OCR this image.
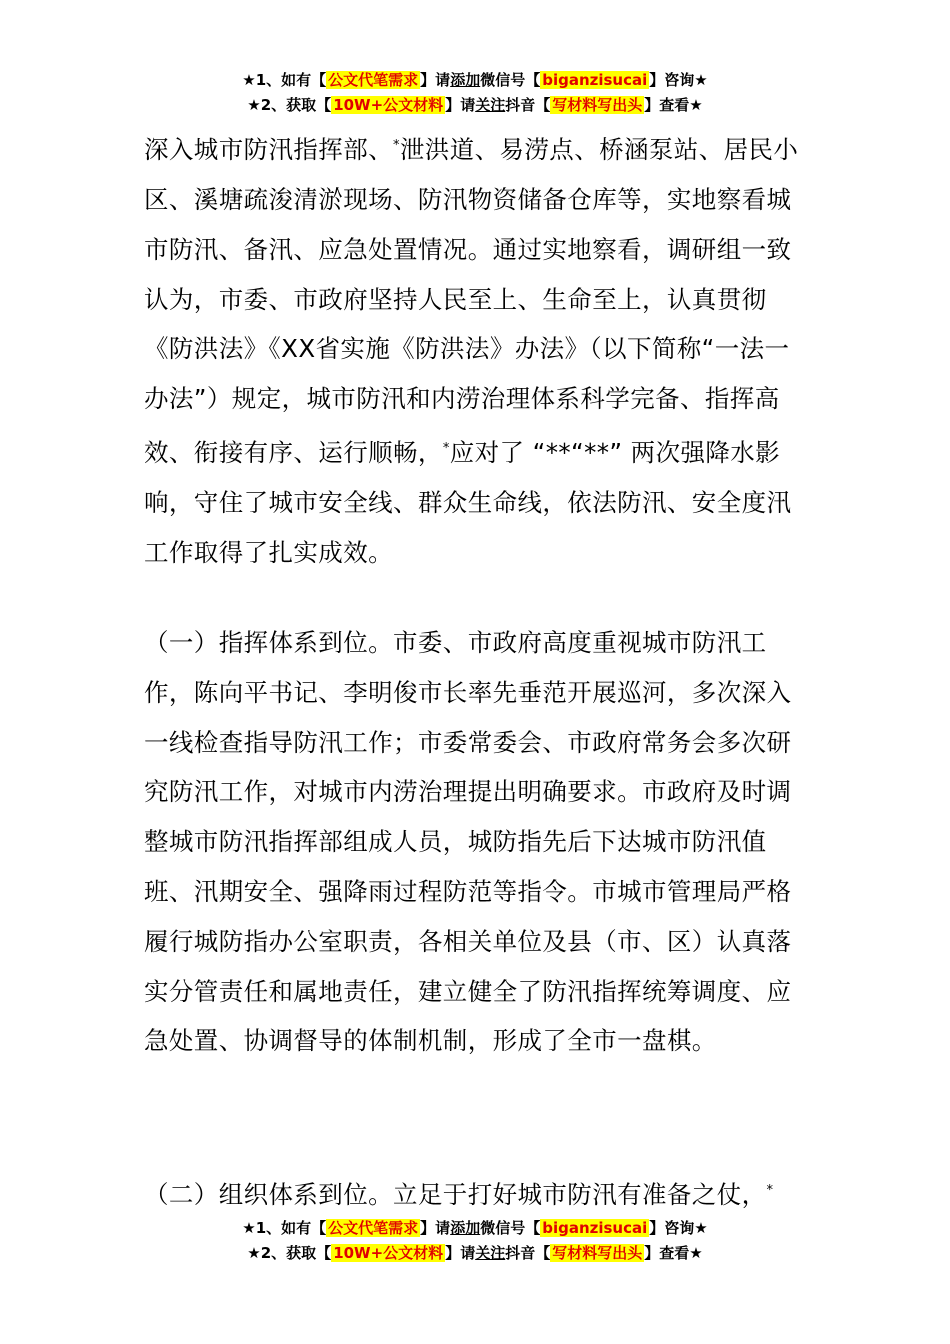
★1、如有【 公文代笔需求 】请添加微信号【 biganzisucai 】咨询★
★2、获取【 10W+公文材料 】请关注抖音【 写材料写出头 】查看★

深入城市防汛指挥部、*泄洪道、易涝点、桥涵泵站、居民小区、溪塘疏浚清淤现场、防汛物资储备仓库等，实地察看城市防汛、备汛、应急处置情况。通过实地察看，调研组一致认为，市委、市政府坚持人民至上、生命至上，认真贯彻《防洪法》《XX省实施《防洪法》办法》（以下简称“一法一办法”）规定，城市防汛和内涝治理体系科学完备、指挥高效、衔接有序、运行顺畅，*应对了 “**“**” 两次强降水影响，守住了城市安全线、群众生命线，依法防汛、安全度汛工作取得了扎实成效。

（一）指挥体系到位。市委、市政府高度重视城市防汛工作，陈向平书记、李明俊市长率先垂范开展巡河，多次深入一线检查指导防汛工作；市委常委会、市政府常务会多次研究防汛工作，对城市内涝治理提出明确要求。市政府及时调整城市防汛指挥部组成人员，城防指先后下达城市防汛值班、汛期安全、强降雨过程防范等指令。市城市管理局严格履行城防指办公室职责，各相关单位及县（市、区）认真落实分管责任和属地责任，建立健全了防汛指挥统筹调度、应急处置、协调督导的体制机制，形成了全市一盘棋。

（二）组织体系到位。立足于打好城市防汛有准备之仗，*

★1、如有【 公文代笔需求 】请添加微信号【 biganzisucai 】咨询★
★2、获取【 10W+公文材料 】请关注抖音【 写材料写出头 】查看★
